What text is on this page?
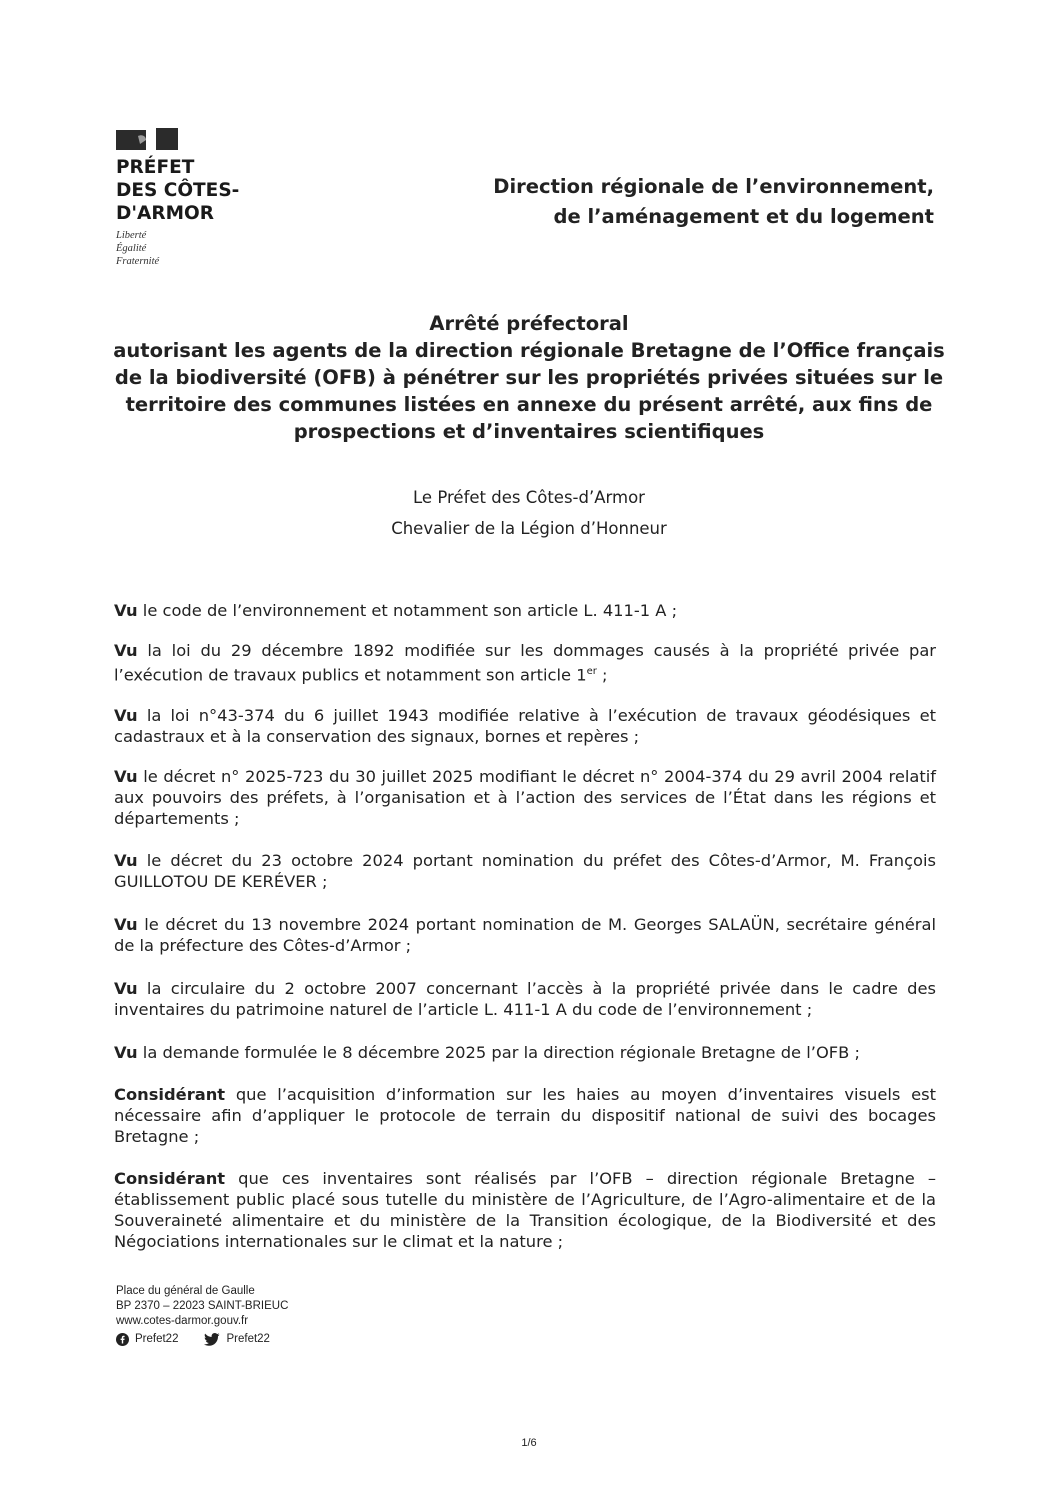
PRÉFET
DES CÔTES-
D'ARMOR
Liberté
Égalité
Fraternité
Direction régionale de l’environnement,
de l’aménagement et du logement
Arrêté préfectoral
autorisant les agents de la direction régionale Bretagne de l’Office français
de la biodiversité (OFB) à pénétrer sur les propriétés privées situées sur le
territoire des communes listées en annexe du présent arrêté, aux fins de
prospections et d’inventaires scientifiques
Le Préfet des Côtes-d’Armor
Chevalier de la Légion d’Honneur

Vu le code de l’environnement et notamment son article L. 411-1 A ;

Vu la loi du 29 décembre 1892 modifiée sur les dommages causés à la propriété privée par l’exécution de travaux publics et notamment son article 1er ;

Vu la loi n°43-374 du 6 juillet 1943 modifiée relative à l’exécution de travaux géodésiques et cadastraux et à la conservation des signaux, bornes et repères ;

Vu le décret n° 2025-723 du 30 juillet 2025 modifiant le décret n° 2004-374 du 29 avril 2004 relatif aux pouvoirs des préfets, à l’organisation et à l’action des services de l’État dans les régions et départements ;

Vu le décret du 23 octobre 2024 portant nomination du préfet des Côtes-d’Armor, M. François GUILLOTOU DE KERÉVER ;

Vu le décret du 13 novembre 2024 portant nomination de M. Georges SALAÜN, secrétaire général de la préfecture des Côtes-d’Armor ;

Vu la circulaire du 2 octobre 2007 concernant l’accès à la propriété privée dans le cadre des inventaires du patrimoine naturel de l’article L. 411-1 A du code de l’environnement ;

Vu la demande formulée le 8 décembre 2025 par la direction régionale Bretagne de l’OFB ;

Considérant que l’acquisition d’information sur les haies au moyen d’inventaires visuels est nécessaire afin d’appliquer le protocole de terrain du dispositif national de suivi des bocages Bretagne ;

Considérant que ces inventaires sont réalisés par l’OFB – direction régionale Bretagne – établissement public placé sous tutelle du ministère de l’Agriculture, de l’Agro-alimentaire et de la Souveraineté alimentaire et du ministère de la Transition écologique, de la Biodiversité et des Négociations internationales sur le climat et la nature ;

Place du général de Gaulle
BP 2370 – 22023 SAINT-BRIEUC
www.cotes-darmor.gouv.fr
Prefet22	Prefet22
1/6
